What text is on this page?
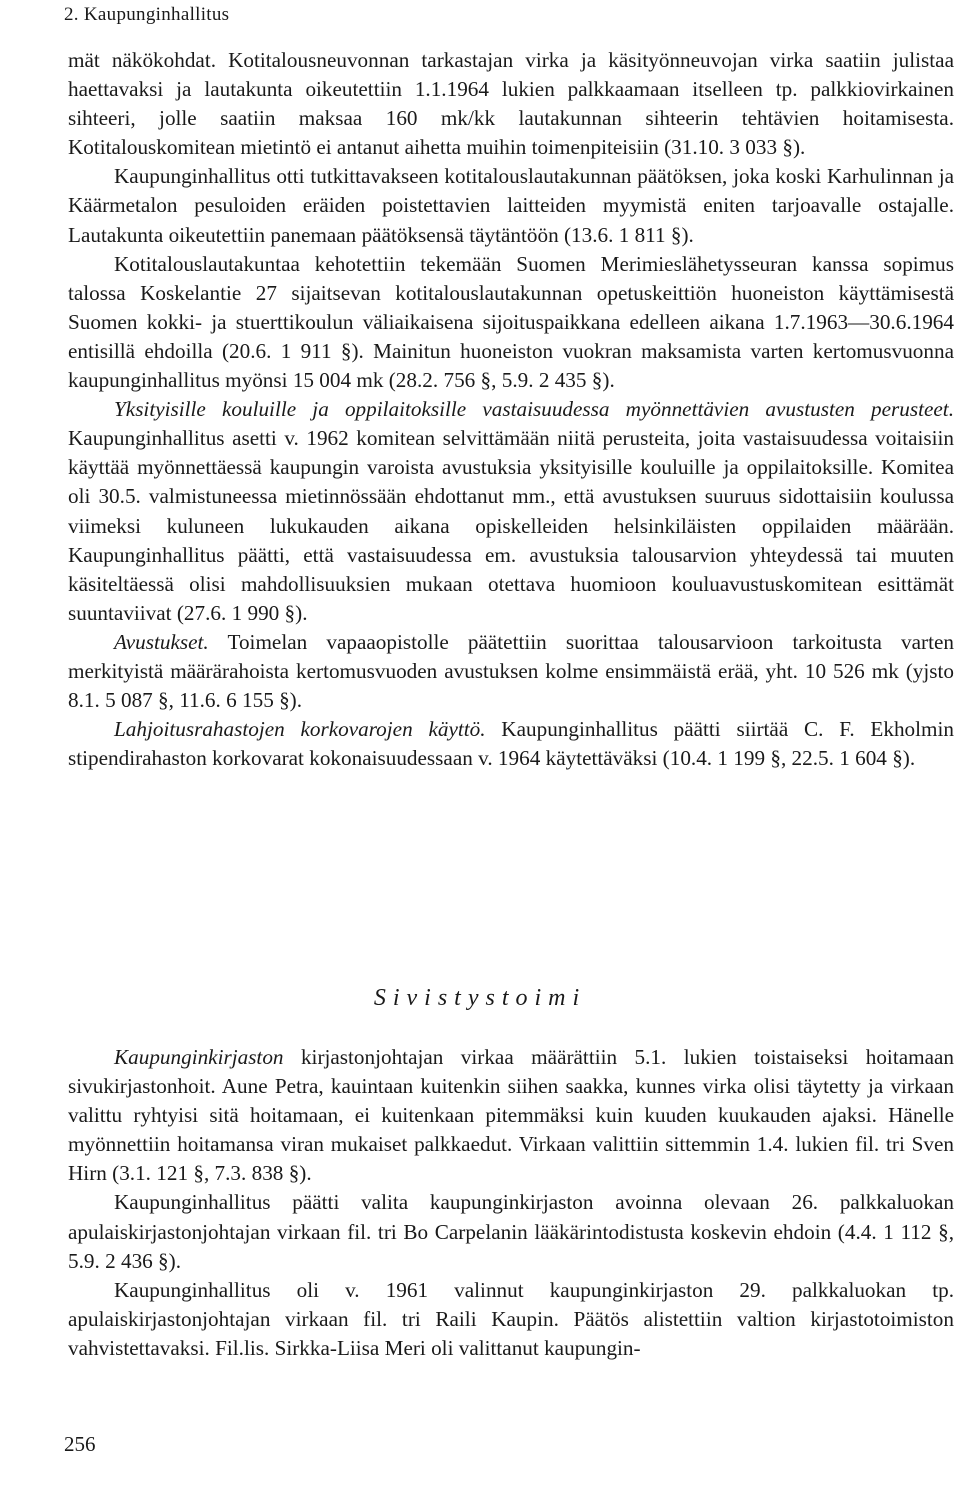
2. Kaupunginhallitus

mät näkökohdat. Kotitalousneuvonnan tarkastajan virka ja käsityönneuvojan virka saatiin julistaa haettavaksi ja lautakunta oikeutettiin 1.1.1964 lukien palkkaamaan itselleen tp. palkkiovirkainen sihteeri, jolle saatiin maksaa 160 mk/kk lautakunnan sihteerin tehtävien hoitamisesta. Kotitalouskomitean mietintö ei antanut aihetta muihin toimenpiteisiin (31.10. 3 033 §).

Kaupunginhallitus otti tutkittavakseen kotitalouslautakunnan päätöksen, joka koski Karhulinnan ja Käärmetalon pesuloiden eräiden poistettavien laitteiden myymistä eniten tarjoavalle ostajalle. Lautakunta oikeutettiin panemaan päätöksensä täytäntöön (13.6. 1 811 §).

Kotitalouslautakuntaa kehotettiin tekemään Suomen Merimieslähetysseuran kanssa sopimus talossa Koskelantie 27 sijaitsevan kotitalouslautakunnan opetuskeittiön huoneiston käyttämisestä Suomen kokki- ja stuerttikoulun väliaikaisena sijoituspaikkana edelleen aikana 1.7.1963—30.6.1964 entisillä ehdoilla (20.6. 1 911 §). Mainitun huoneiston vuokran maksamista varten kertomusvuonna kaupunginhallitus myönsi 15 004 mk (28.2. 756 §, 5.9. 2 435 §).

Yksityisille kouluille ja oppilaitoksille vastaisuudessa myönnettävien avustusten perusteet. Kaupunginhallitus asetti v. 1962 komitean selvittämään niitä perusteita, joita vastaisuudessa voitaisiin käyttää myönnettäessä kaupungin varoista avustuksia yksityisille kouluille ja oppilaitoksille. Komitea oli 30.5. valmistuneessa mietinnössään ehdottanut mm., että avustuksen suuruus sidottaisiin koulussa viimeksi kuluneen lukukauden aikana opiskelleiden helsinkiläisten oppilaiden määrään. Kaupunginhallitus päätti, että vastaisuudessa em. avustuksia talousarvion yhteydessä tai muuten käsiteltäessä olisi mahdollisuuksien mukaan otettava huomioon kouluavustuskomitean esittämät suuntaviivat (27.6. 1 990 §).

Avustukset. Toimelan vapaaopistolle päätettiin suorittaa talousarvioon tarkoitusta varten merkityistä määrärahoista kertomusvuoden avustuksen kolme ensimmäistä erää, yht. 10 526 mk (yjsto 8.1. 5 087 §, 11.6. 6 155 §).

Lahjoitusrahastojen korkovarojen käyttö. Kaupunginhallitus päätti siirtää C. F. Ekholmin stipendirahaston korkovarat kokonaisuudessaan v. 1964 käytettäväksi (10.4. 1 199 §, 22.5. 1 604 §).

Sivistystoimi

Kaupunginkirjaston kirjastonjohtajan virkaa määrättiin 5.1. lukien toistaiseksi hoitamaan sivukirjastonhoit. Aune Petra, kauintaan kuitenkin siihen saakka, kunnes virka olisi täytetty ja virkaan valittu ryhtyisi sitä hoitamaan, ei kuitenkaan pitemmäksi kuin kuuden kuukauden ajaksi. Hänelle myönnettiin hoitamansa viran mukaiset palkkaedut. Virkaan valittiin sittemmin 1.4. lukien fil. tri Sven Hirn (3.1. 121 §, 7.3. 838 §).

Kaupunginhallitus päätti valita kaupunginkirjaston avoinna olevaan 26. palkkaluokan apulaiskirjastonjohtajan virkaan fil. tri Bo Carpelanin lääkärintodistusta koskevin ehdoin (4.4. 1 112 §, 5.9. 2 436 §).

Kaupunginhallitus oli v. 1961 valinnut kaupunginkirjaston 29. palkkaluokan tp. apulaiskirjastonjohtajan virkaan fil. tri Raili Kaupin. Päätös alistettiin valtion kirjastotoimiston vahvistettavaksi. Fil.lis. Sirkka-Liisa Meri oli valittanut kaupungin-

256
